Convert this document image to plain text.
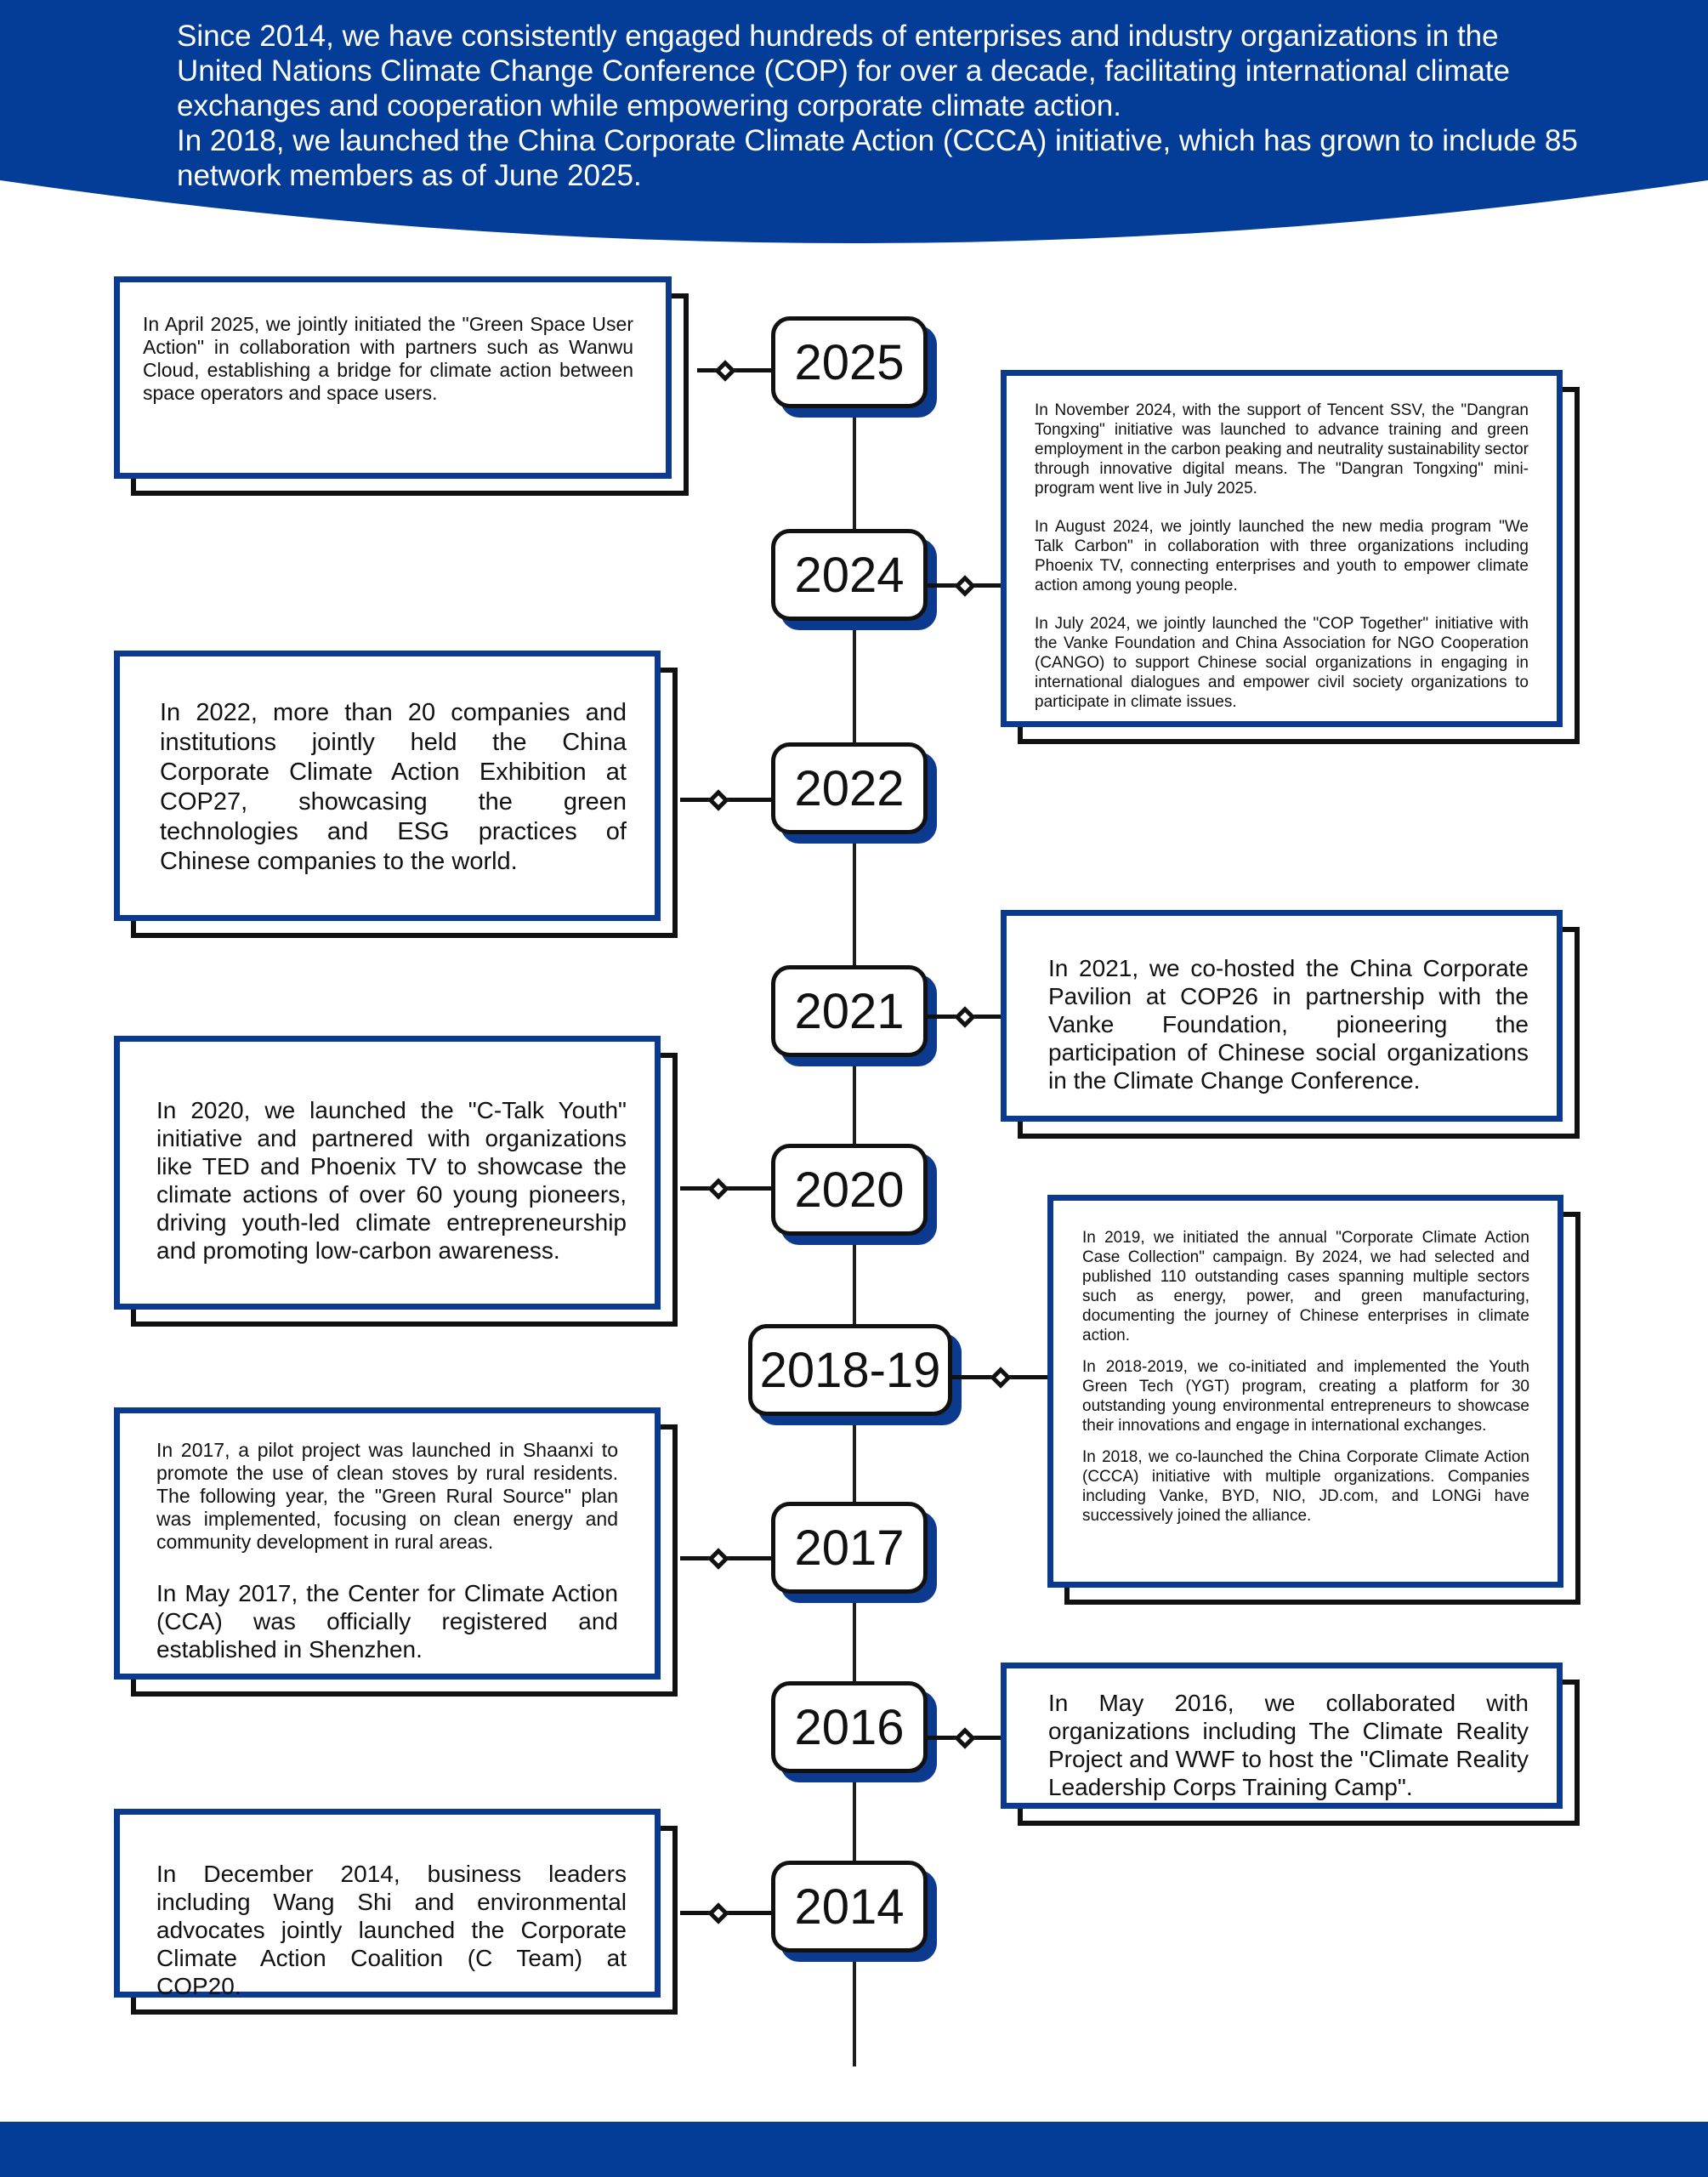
Since 2014, we have consistently engaged hundreds of enterprises and industry organizations in the United Nations Climate Change Conference (COP) for over a decade, facilitating international climate exchanges and cooperation while empowering corporate climate action.

In 2018, we launched the China Corporate Climate Action (CCCA) initiative, which has grown to include 85 network members as of June 2025.

2025
2024
2022
2021
2020
2018-19
2017
2016
2014

In April 2025, we jointly initiated the "Green Space User Action" in collaboration with partners such as Wanwu Cloud, establishing a bridge for climate action between space operators and space users.

In November 2024, with the support of Tencent SSV, the "Dangran Tongxing" initiative was launched to advance training and green employment in the carbon peaking and neutrality sustainability sector through innovative digital means. The "Dangran Tongxing" mini-program went live in July 2025.

In August 2024, we jointly launched the new media program "We Talk Carbon" in collaboration with three organizations including Phoenix TV, connecting enterprises and youth to empower climate action among young people.

In July 2024, we jointly launched the "COP Together" initiative with the Vanke Foundation and China Association for NGO Cooperation (CANGO) to support Chinese social organizations in engaging in international dialogues and empower civil society organizations to participate in climate issues.

In 2022, more than 20 companies and institutions jointly held the China Corporate Climate Action Exhibition at COP27, showcasing the green technologies and ESG practices of Chinese companies to the world.

In 2021, we co-hosted the China Corporate Pavilion at COP26 in partnership with the Vanke Foundation, pioneering the participation of Chinese social organizations in the Climate Change Conference.

In 2020, we launched the "C-Talk Youth" initiative and partnered with organizations like TED and Phoenix TV to showcase the climate actions of over 60 young pioneers, driving youth-led climate entrepreneurship and promoting low-carbon awareness.	In 2019, we initiated the annual "Corporate Climate Action Case Collection" campaign. By 2024, we had selected and published 110 outstanding cases spanning multiple sectors such as energy, power, and green manufacturing, documenting the journey of Chinese enterprises in climate action.

In 2018-2019, we co-initiated and implemented the Youth Green Tech (YGT) program, creating a platform for 30 outstanding young environmental entrepreneurs to showcase their innovations and engage in international exchanges.

In 2018, we co-launched the China Corporate Climate Action (CCCA) initiative with multiple organizations. Companies including Vanke, BYD, NIO, JD.com, and LONGi have successively joined the alliance.

In 2017, a pilot project was launched in Shaanxi to promote the use of clean stoves by rural residents. The following year, the "Green Rural Source" plan was implemented, focusing on clean energy and community development in rural areas.

In May 2017, the Center for Climate Action (CCA) was officially registered and established in Shenzhen.

In May 2016, we collaborated with organizations including The Climate Reality Project and WWF to host the "Climate Reality Leadership Corps Training Camp".

In December 2014, business leaders including Wang Shi and environmental advocates jointly launched the Corporate Climate Action Coalition (C Team) at COP20.
